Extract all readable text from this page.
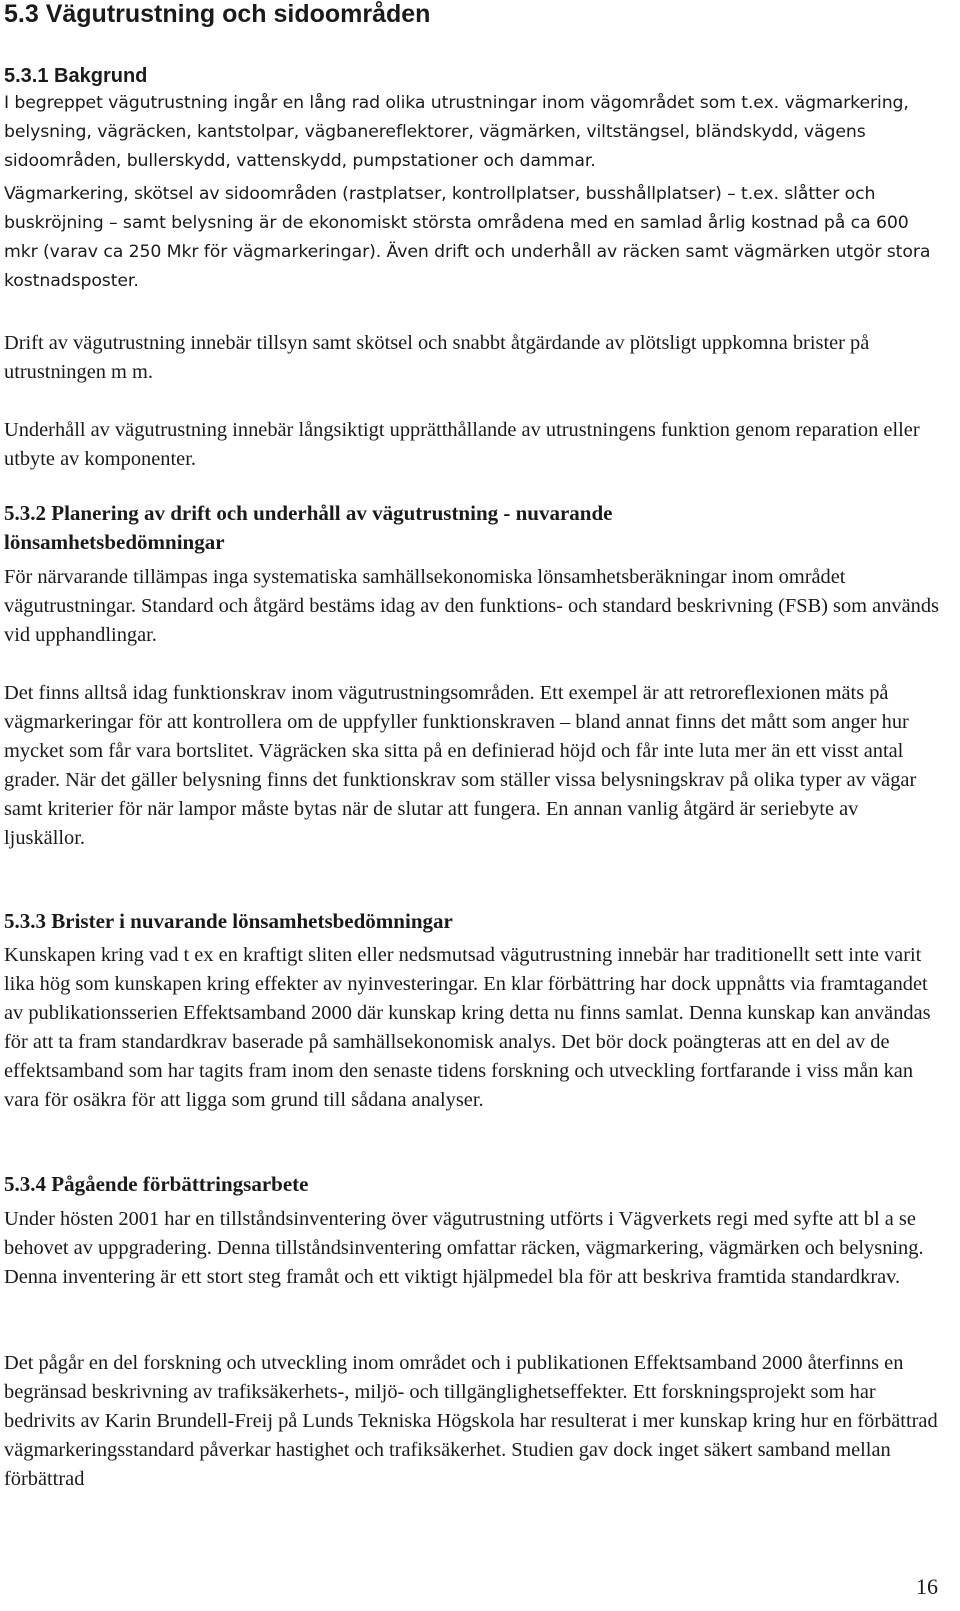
5.3 Vägutrustning och sidoområden
5.3.1 Bakgrund

I begreppet vägutrustning ingår en lång rad olika utrustningar inom vägområdet som t.ex. vägmarkering, belysning, vägräcken, kantstolpar, vägbanereflektorer, vägmärken, viltstängsel, bländskydd, vägens sidoområden, bullerskydd, vattenskydd, pumpstationer och dammar.

Vägmarkering, skötsel av sidoområden (rastplatser, kontrollplatser, busshållplatser) – t.ex. slåtter och buskröjning – samt belysning är de ekonomiskt största områdena med en samlad årlig kostnad på ca 600 mkr (varav ca 250 Mkr för vägmarkeringar). Även drift och underhåll av räcken samt vägmärken utgör stora kostnadsposter.

Drift av vägutrustning innebär tillsyn samt skötsel och snabbt åtgärdande av plötsligt uppkomna brister på utrustningen m m.

Underhåll av vägutrustning innebär långsiktigt upprätthållande av utrustningens funktion genom reparation eller utbyte av komponenter.

5.3.2 Planering av drift och underhåll av vägutrustning - nuvarande lönsamhetsbedömningar

För närvarande tillämpas inga systematiska samhällsekonomiska lönsamhetsberäkningar inom området vägutrustningar. Standard och åtgärd bestäms idag av den funktions- och standard beskrivning (FSB) som används vid upphandlingar.

Det finns alltså idag funktionskrav inom vägutrustningsområden. Ett exempel är att retroreflexionen mäts på vägmarkeringar för att kontrollera om de uppfyller funktionskraven – bland annat finns det mått som anger hur mycket som får vara bortslitet. Vägräcken ska sitta på en definierad höjd och får inte luta mer än ett visst antal grader. När det gäller belysning finns det funktionskrav som ställer vissa belysningskrav på olika typer av vägar samt kriterier för när lampor måste bytas när de slutar att fungera. En annan vanlig åtgärd är seriebyte av ljuskällor.

5.3.3 Brister i nuvarande lönsamhetsbedömningar

Kunskapen kring vad t ex en kraftigt sliten eller nedsmutsad vägutrustning innebär har traditionellt sett inte varit lika hög som kunskapen kring effekter av nyinvesteringar. En klar förbättring har dock uppnåtts via framtagandet av publikationsserien Effektsamband 2000 där kunskap kring detta nu finns samlat. Denna kunskap kan användas för att ta fram standardkrav baserade på samhällsekonomisk analys. Det bör dock poängteras att en del av de effektsamband som har tagits fram inom den senaste tidens forskning och utveckling fortfarande i viss mån kan vara för osäkra för att ligga som grund till sådana analyser.

5.3.4 Pågående förbättringsarbete

Under hösten 2001 har en tillståndsinventering över vägutrustning utförts i Vägverkets regi med syfte att bl a se behovet av uppgradering. Denna tillståndsinventering omfattar räcken, vägmarkering, vägmärken och belysning. Denna inventering är ett stort steg framåt och ett viktigt hjälpmedel bla för att beskriva framtida standardkrav.

Det pågår en del forskning och utveckling inom området och i publikationen Effektsamband 2000 återfinns en begränsad beskrivning av trafiksäkerhets-, miljö- och tillgänglighetseffekter. Ett forskningsprojekt som har bedrivits av Karin Brundell-Freij på Lunds Tekniska Högskola har resulterat i mer kunskap kring hur en förbättrad vägmarkeringsstandard påverkar hastighet och trafiksäkerhet. Studien gav dock inget säkert samband mellan förbättrad

16
